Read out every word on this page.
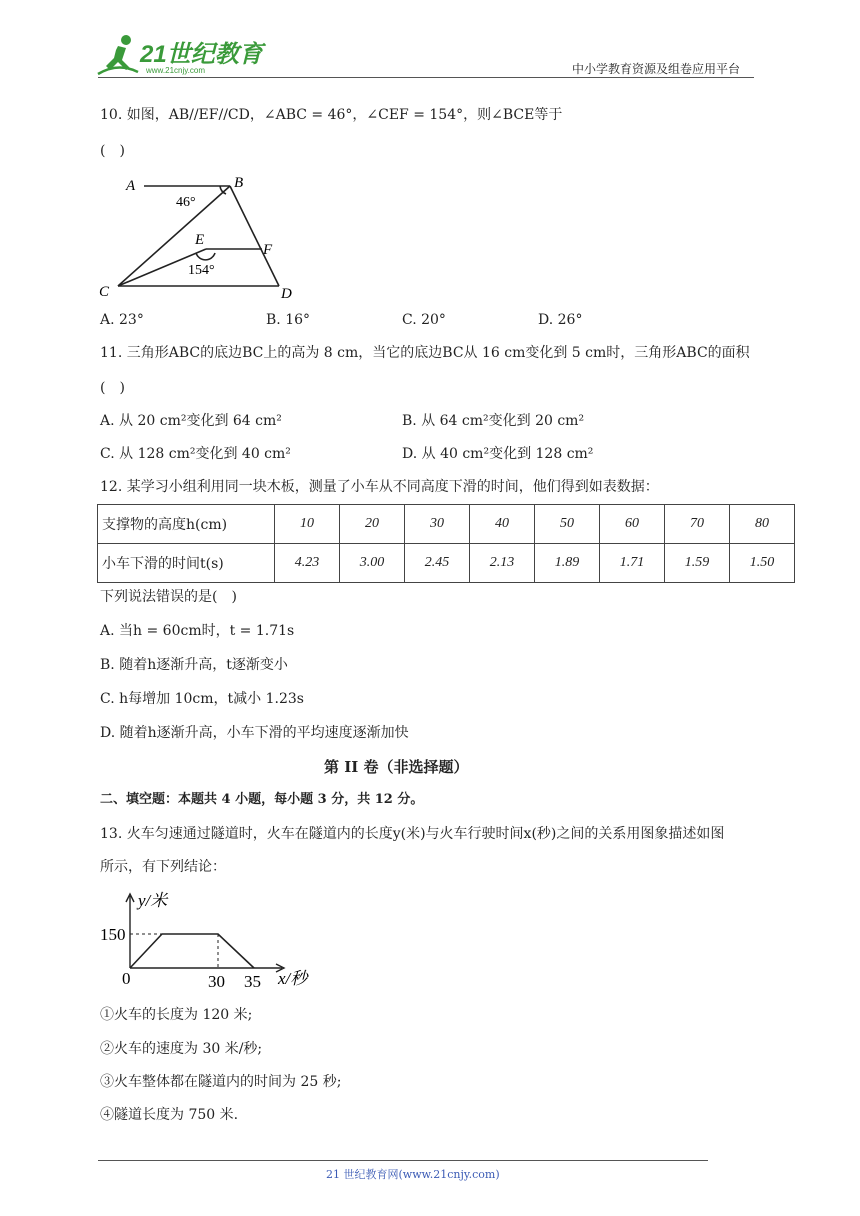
21世纪教育
www.21cnjy.com	中小学教育资源及组卷应用平台
10. 如图，AB//EF//CD，∠ABC = 46°，∠CEF = 154°，则∠BCE等于
(　)
A	B
E
F
C	D
46°
154°
A. 23°	B. 16°	C. 20°	D. 26°
11. 三角形ABC的底边BC上的高为 8 cm，当它的底边BC从 16 cm变化到 5 cm时，三角形ABC的面积
(　)
A. 从 20 cm²变化到 64 cm²	B. 从 64 cm²变化到 20 cm²
C. 从 128 cm²变化到 40 cm²	D. 从 40 cm²变化到 128 cm²
12. 某学习小组利用同一块木板，测量了小车从不同高度下滑的时间，他们得到如表数据：
支撑物的高度h(cm)	10	20	30	40	50	60	70	80
小车下滑的时间t(s)	4.23	3.00	2.45	2.13	1.89	1.71	1.59	1.50
下列说法错误的是(　)
A. 当h = 60cm时，t = 1.71s
B. 随着h逐渐升高，t逐渐变小
C. h每增加 10cm，t减小 1.23s
D. 随着h逐渐升高，小车下滑的平均速度逐渐加快
第 II 卷（非选择题）
二、填空题：本题共 4 小题，每小题 3 分，共 12 分。
13. 火车匀速通过隧道时，火车在隧道内的长度y(米)与火车行驶时间x(秒)之间的关系用图象描述如图
所示，有下列结论：
y/米
150
0	30 35 x/秒
①火车的长度为 120 米;
②火车的速度为 30 米/秒;
③火车整体都在隧道内的时间为 25 秒;
④隧道长度为 750 米.
21 世纪教育网(www.21cnjy.com)
